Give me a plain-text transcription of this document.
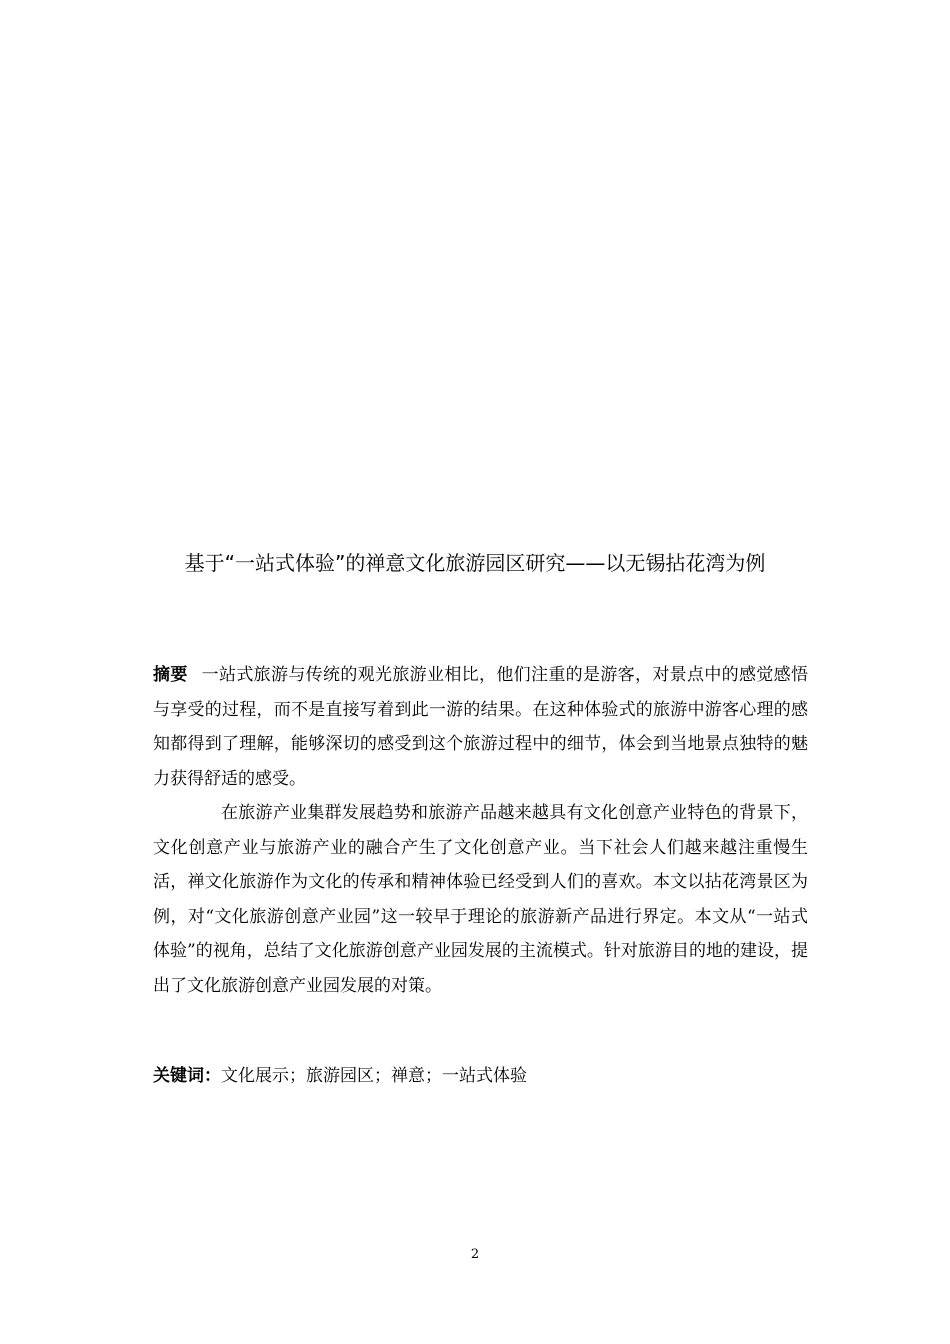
基于“一站式体验”的禅意文化旅游园区研究——以无锡拈花湾为例

摘要 一站式旅游与传统的观光旅游业相比，他们注重的是游客，对景点中的感觉感悟与享受的过程，而不是直接写着到此一游的结果。在这种体验式的旅游中游客心理的感知都得到了理解，能够深切的感受到这个旅游过程中的细节，体会到当地景点独特的魅力获得舒适的感受。

在旅游产业集群发展趋势和旅游产品越来越具有文化创意产业特色的背景下，文化创意产业与旅游产业的融合产生了文化创意产业。当下社会人们越来越注重慢生活，禅文化旅游作为文化的传承和精神体验已经受到人们的喜欢。本文以拈花湾景区为例，对“文化旅游创意产业园”这一较早于理论的旅游新产品进行界定。本文从“一站式体验”的视角，总结了文化旅游创意产业园发展的主流模式。针对旅游目的地的建设，提出了文化旅游创意产业园发展的对策。

关键词：文化展示；旅游园区；禅意；一站式体验
2
